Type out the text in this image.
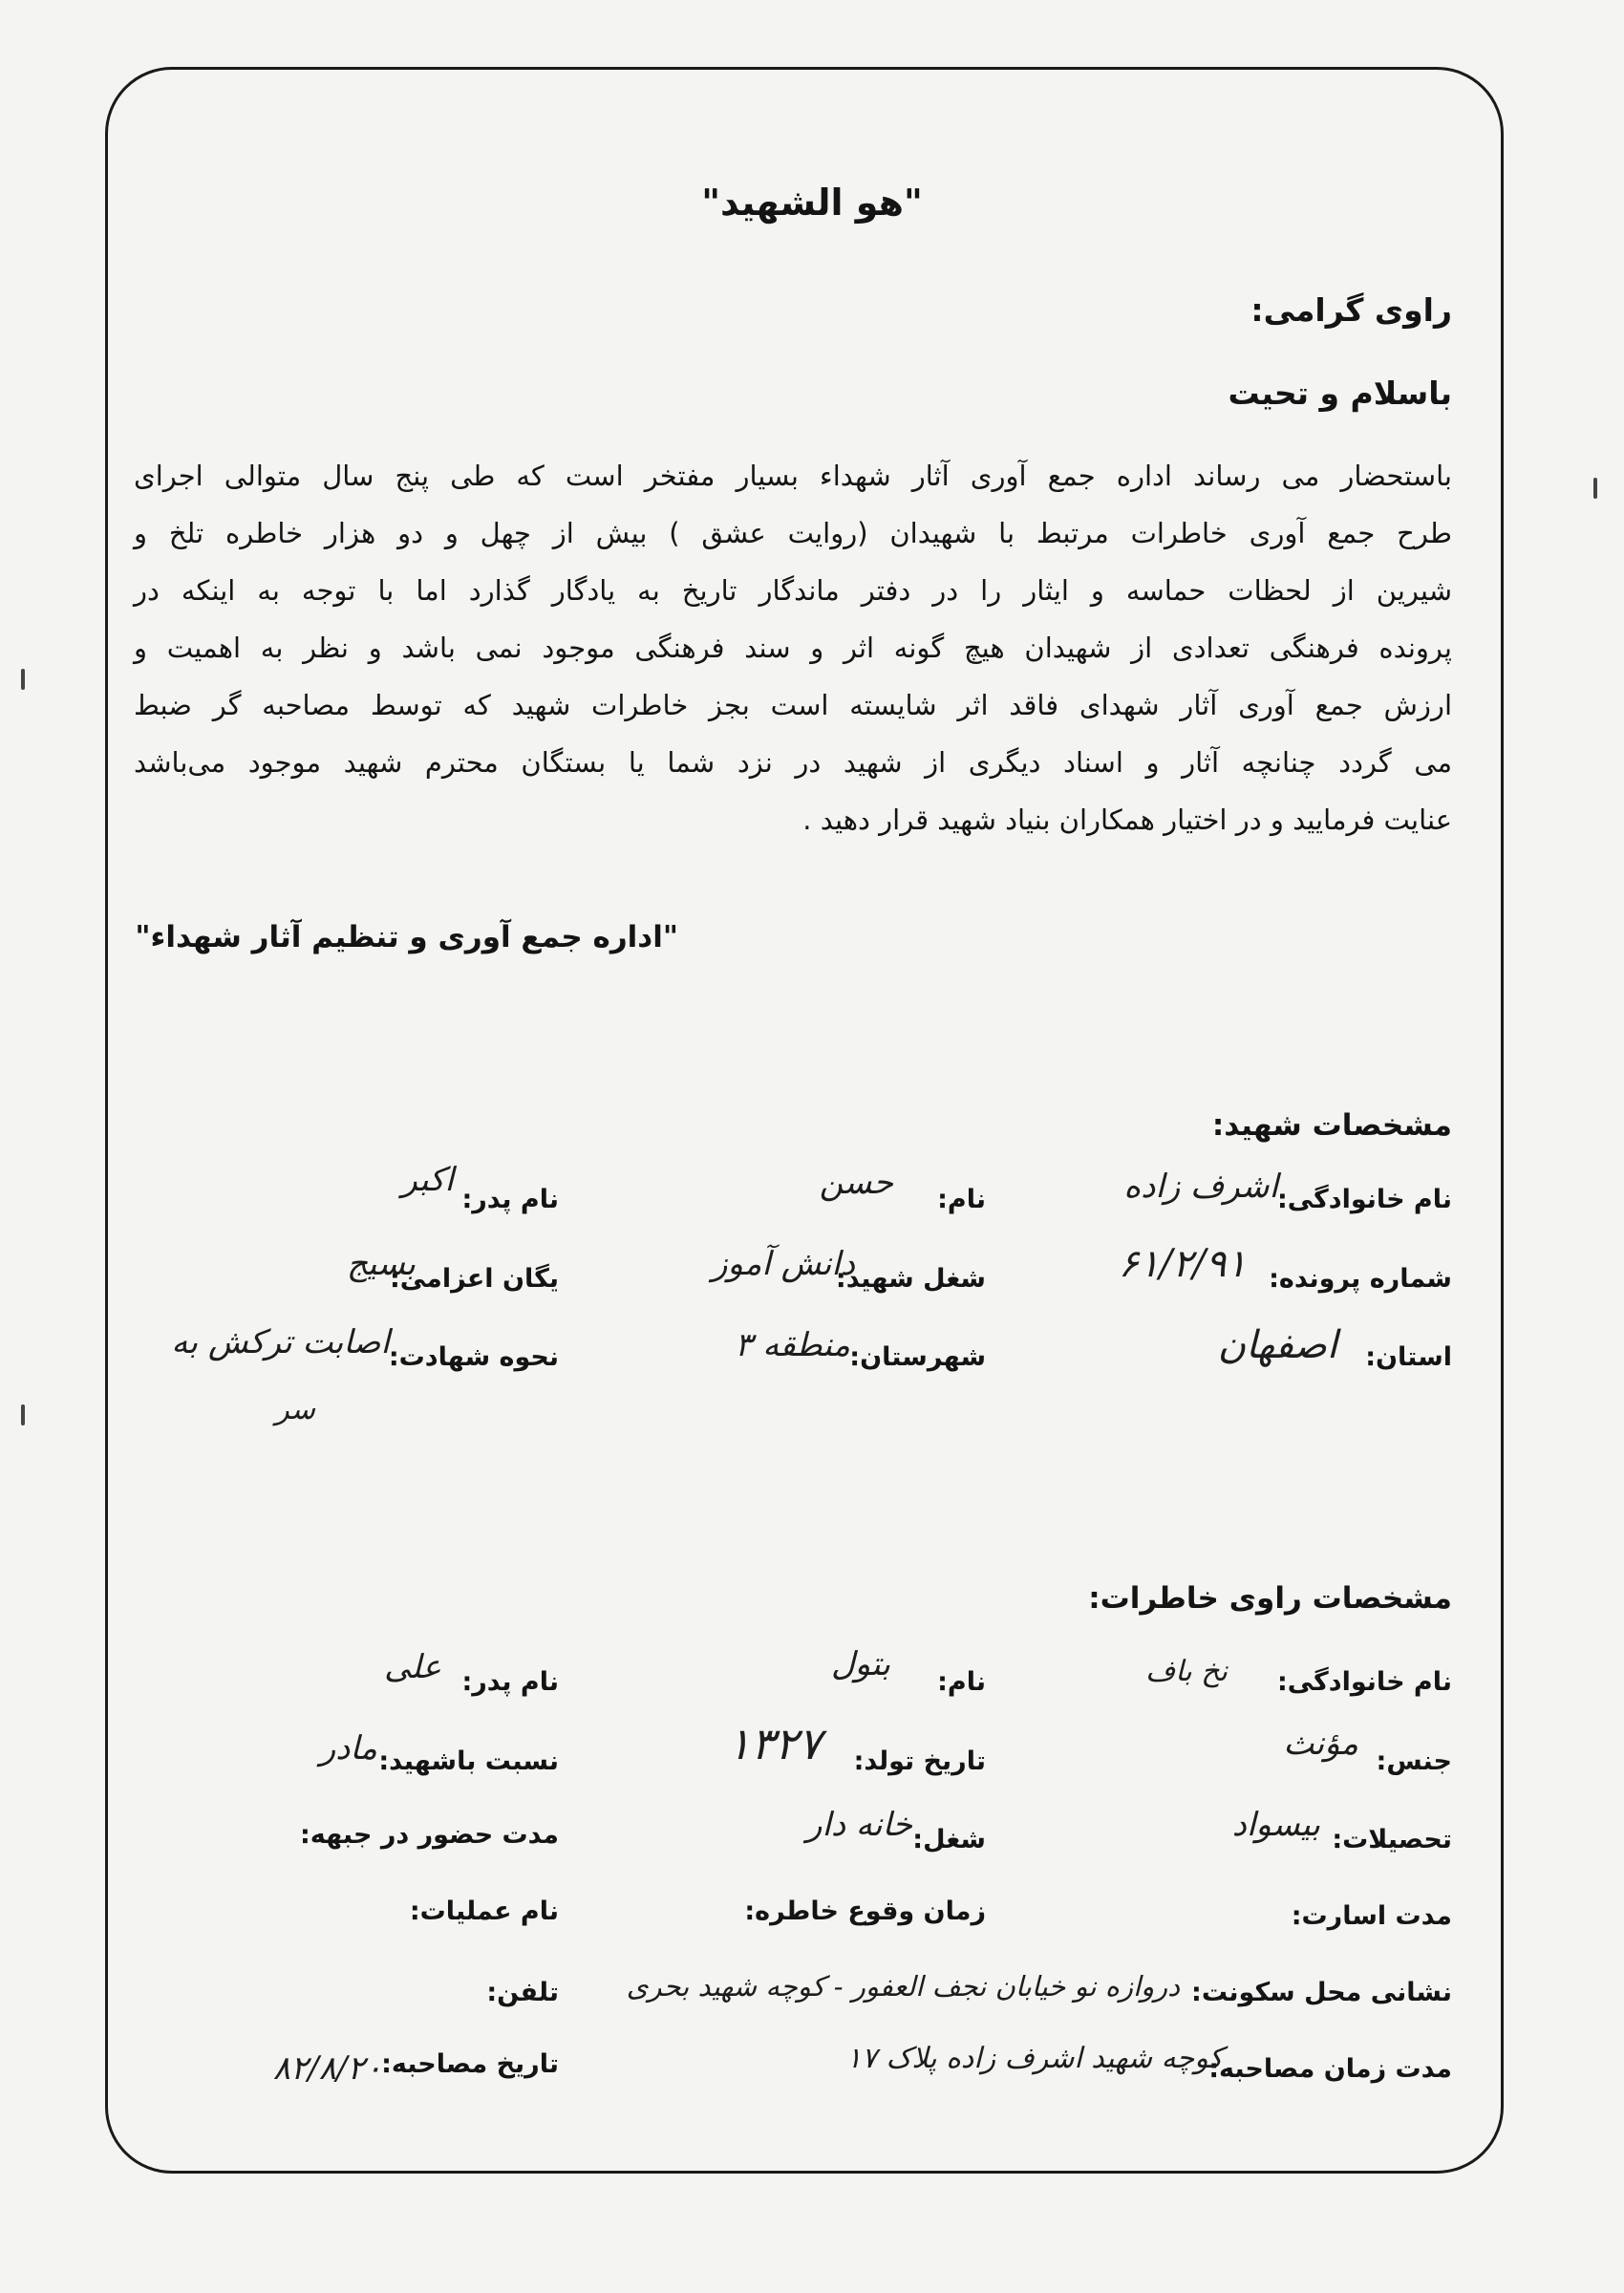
"هو الشهید"
راوی گرامی:
باسلام و تحیت
باستحضار می رساند اداره جمع آوری آثار شهداء بسیار مفتخر است که طی پنج سال متوالی اجرای
طرح جمع آوری خاطرات مرتبط با شهیدان (روایت عشق ) بیش از چهل و دو هزار خاطره تلخ و
شیرین از لحظات حماسه و ایثار را در دفتر ماندگار تاریخ به یادگار گذارد اما با توجه به اینکه در
پرونده فرهنگی تعدادی از شهیدان هیچ گونه اثر و سند فرهنگی موجود نمی باشد و نظر به اهمیت و
ارزش جمع آوری آثار شهدای فاقد اثر شایسته است بجز خاطرات شهید که توسط مصاحبه گر ضبط
می گردد چنانچه آثار و اسناد دیگری از شهید در نزد شما یا بستگان محترم شهید موجود می‌باشد
عنایت فرمایید و در اختیار همکاران بنیاد شهید قرار دهید .
"اداره جمع آوری و تنظیم آثار شهداء"
مشخصات شهید:
نام خانوادگی:
اشرف زاده
نام:
حسن
نام پدر:
اکبر
شماره پرونده:
۶۱/۲/۹۱
شغل شهید:
دانش آموز
یگان اعزامی:
بسیج
استان:
اصفهان
شهرستان:
منطقه ۳
نحوه شهادت:
اصابت ترکش به
سر
مشخصات راوی خاطرات:
نام خانوادگی:
نخ باف
نام:
بتول
نام پدر:
علی
جنس:
مؤنث
تاریخ تولد:
۱۳۲۷
نسبت باشهید:
مادر
تحصیلات:
بیسواد
شغل:
خانه دار
مدت حضور در جبهه:
مدت اسارت:
زمان وقوع خاطره:
نام عملیات:
نشانی محل سکونت:
دروازه نو خیابان نجف العفور - کوچه شهید بحری
تلفن:
مدت زمان مصاحبه:
کوچه شهید اشرف زاده پلاک ۱۷
تاریخ مصاحبه:
۸۲/۸/۲۰
